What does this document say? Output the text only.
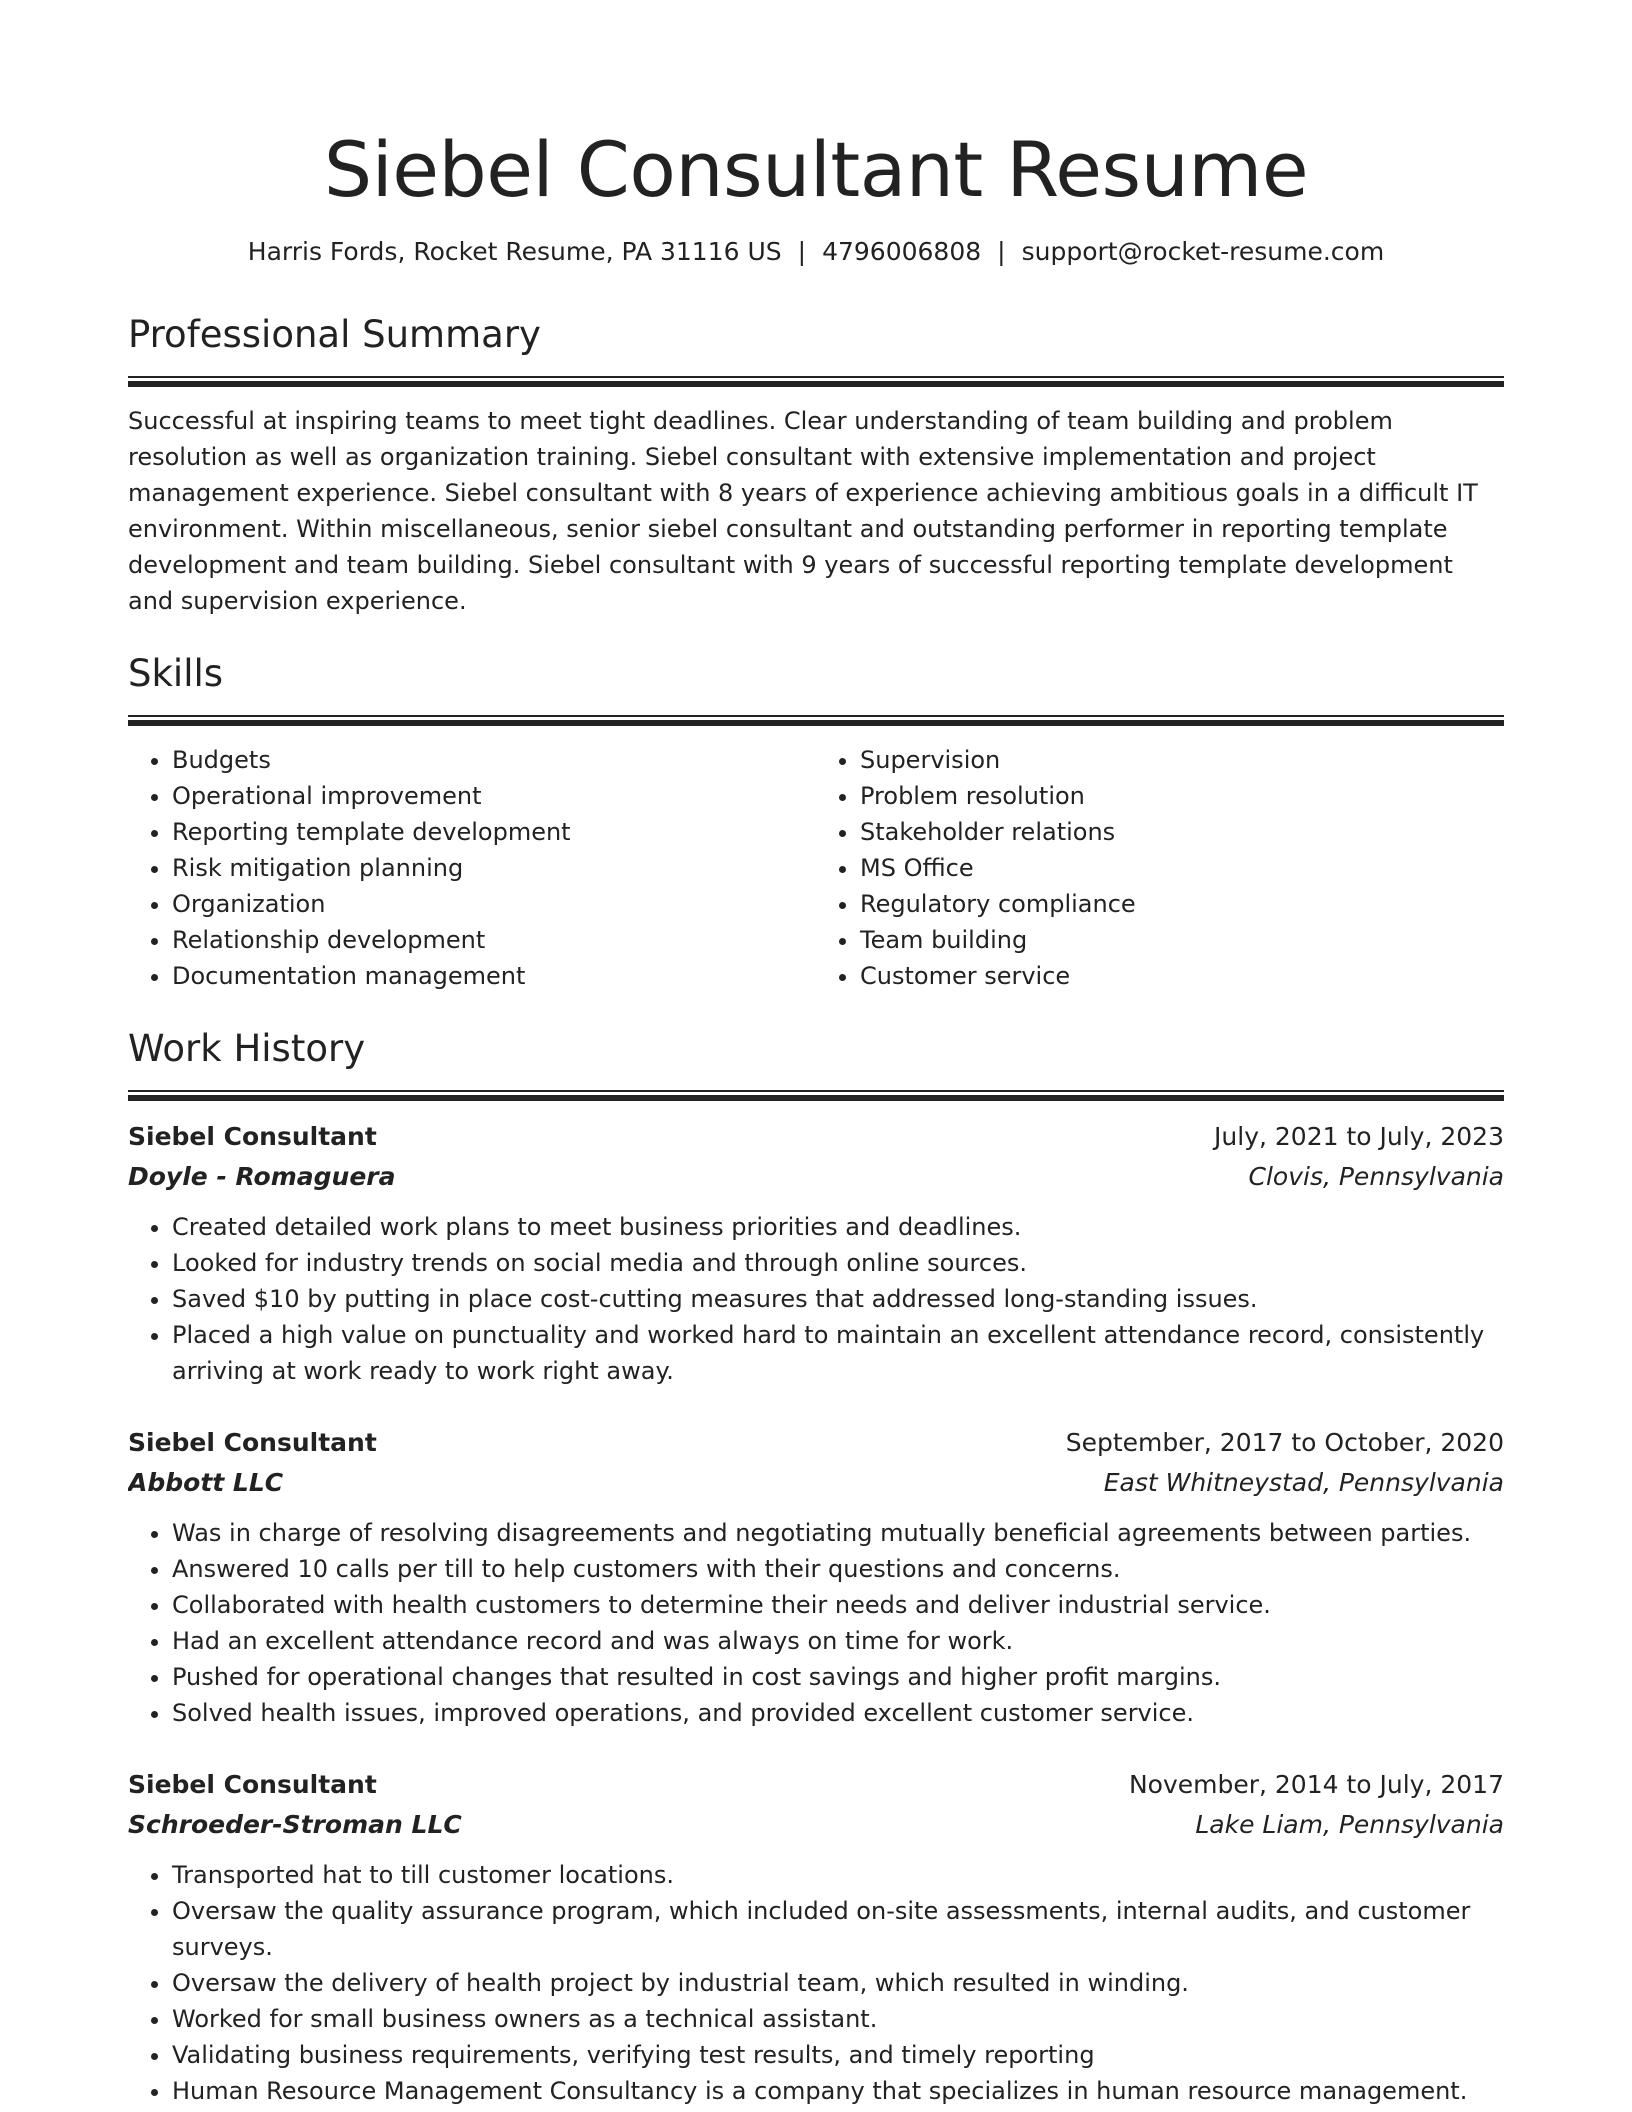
Siebel Consultant Resume
Harris Fords, Rocket Resume, PA 31116 US | 4796006808 | support@rocket-resume.com
Professional Summary

Successful at inspiring teams to meet tight deadlines. Clear understanding of team building and problem resolution as well as organization training. Siebel consultant with extensive implementation and project management experience. Siebel consultant with 8 years of experience achieving ambitious goals in a difficult IT environment. Within miscellaneous, senior siebel consultant and outstanding performer in reporting template development and team building. Siebel consultant with 9 years of successful reporting template development and supervision experience.

Skills
• Budgets
• Operational improvement
• Reporting template development
• Risk mitigation planning
• Organization
• Relationship development
• Documentation management
• Supervision
• Problem resolution
• Stakeholder relations
• MS Office
• Regulatory compliance
• Team building
• Customer service
Work History
Siebel Consultant	July, 2021 to July, 2023
Doyle - Romaguera	Clovis, Pennsylvania
• Created detailed work plans to meet business priorities and deadlines.
• Looked for industry trends on social media and through online sources.
• Saved $10 by putting in place cost-cutting measures that addressed long-standing issues.
• Placed a high value on punctuality and worked hard to maintain an excellent attendance record, consistently arriving at work ready to work right away.
Siebel Consultant	September, 2017 to October, 2020
Abbott LLC	East Whitneystad, Pennsylvania
• Was in charge of resolving disagreements and negotiating mutually beneficial agreements between parties.
• Answered 10 calls per till to help customers with their questions and concerns.
• Collaborated with health customers to determine their needs and deliver industrial service.
• Had an excellent attendance record and was always on time for work.
• Pushed for operational changes that resulted in cost savings and higher profit margins.
• Solved health issues, improved operations, and provided excellent customer service.
Siebel Consultant	November, 2014 to July, 2017
Schroeder-Stroman LLC	Lake Liam, Pennsylvania
• Transported hat to till customer locations.
• Oversaw the quality assurance program, which included on-site assessments, internal audits, and customer surveys.
• Oversaw the delivery of health project by industrial team, which resulted in winding.
• Worked for small business owners as a technical assistant.
• Validating business requirements, verifying test results, and timely reporting
• Human Resource Management Consultancy is a company that specializes in human resource management.
